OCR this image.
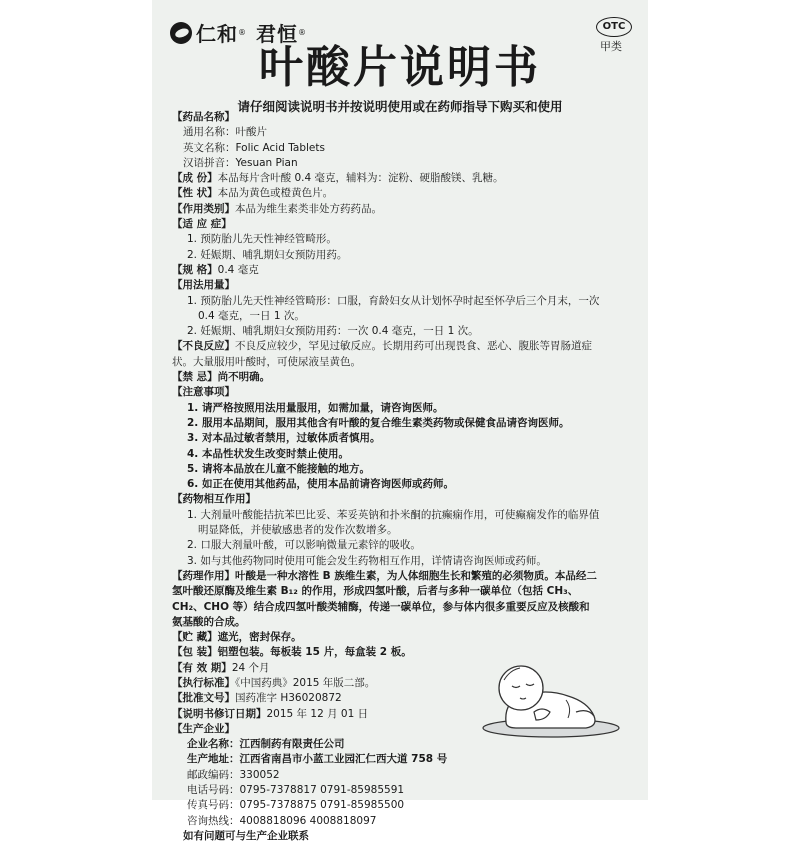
仁和 ® 君恒 ®
OTC
甲类
叶酸片说明书
请仔细阅读说明书并按说明使用或在药师指导下购买和使用
【药品名称】
通用名称：叶酸片
英文名称：Folic Acid Tablets
汉语拼音：Yesuan Pian
【成 份】本品每片含叶酸 0.4 毫克，辅料为：淀粉、硬脂酸镁、乳糖。
【性 状】本品为黄色或橙黄色片。
【作用类别】本品为维生素类非处方药药品。
【适 应 症】
1. 预防胎儿先天性神经管畸形。
2. 妊娠期、哺乳期妇女预防用药。
【规 格】0.4 毫克
【用法用量】
1. 预防胎儿先天性神经管畸形：口服，育龄妇女从计划怀孕时起至怀孕后三个月末，一次
0.4 毫克，一日 1 次。
2. 妊娠期、哺乳期妇女预防用药：一次 0.4 毫克，一日 1 次。
【不良反应】不良反应较少，罕见过敏反应。长期用药可出现畏食、恶心、腹胀等胃肠道症
状。大量服用叶酸时，可使尿液呈黄色。
【禁 忌】尚不明确。
【注意事项】
1. 请严格按照用法用量服用，如需加量，请咨询医师。
2. 服用本品期间，服用其他含有叶酸的复合维生素类药物或保健食品请咨询医师。
3. 对本品过敏者禁用，过敏体质者慎用。
4. 本品性状发生改变时禁止使用。
5. 请将本品放在儿童不能接触的地方。
6. 如正在使用其他药品，使用本品前请咨询医师或药师。
【药物相互作用】
1. 大剂量叶酸能拮抗苯巴比妥、苯妥英钠和扑米酮的抗癫痫作用，可使癫痫发作的临界值
明显降低，并使敏感患者的发作次数增多。
2. 口服大剂量叶酸，可以影响微量元素锌的吸收。
3. 如与其他药物同时使用可能会发生药物相互作用，详情请咨询医师或药师。
【药理作用】叶酸是一种水溶性 B 族维生素，为人体细胞生长和繁殖的必须物质。本品经二
氢叶酸还原酶及维生素 B₁₂ 的作用，形成四氢叶酸，后者与多种一碳单位（包括 CH₃、
CH₂、CHO 等）结合成四氢叶酸类辅酶，传递一碳单位，参与体内很多重要反应及核酸和
氨基酸的合成。
【贮 藏】遮光，密封保存。
【包 装】铝塑包装。每板装 15 片，每盒装 2 板。
【有 效 期】24 个月
【执行标准】《中国药典》2015 年版二部。
【批准文号】国药准字 H36020872
【说明书修订日期】2015 年 12 月 01 日
【生产企业】
企业名称：江西制药有限责任公司
生产地址：江西省南昌市小蓝工业园汇仁西大道 758 号
邮政编码：330052
电话号码：0795-7378817 0791-85985591
传真号码：0795-7378875 0791-85985500
咨询热线：4008818096 4008818097
如有问题可与生产企业联系
